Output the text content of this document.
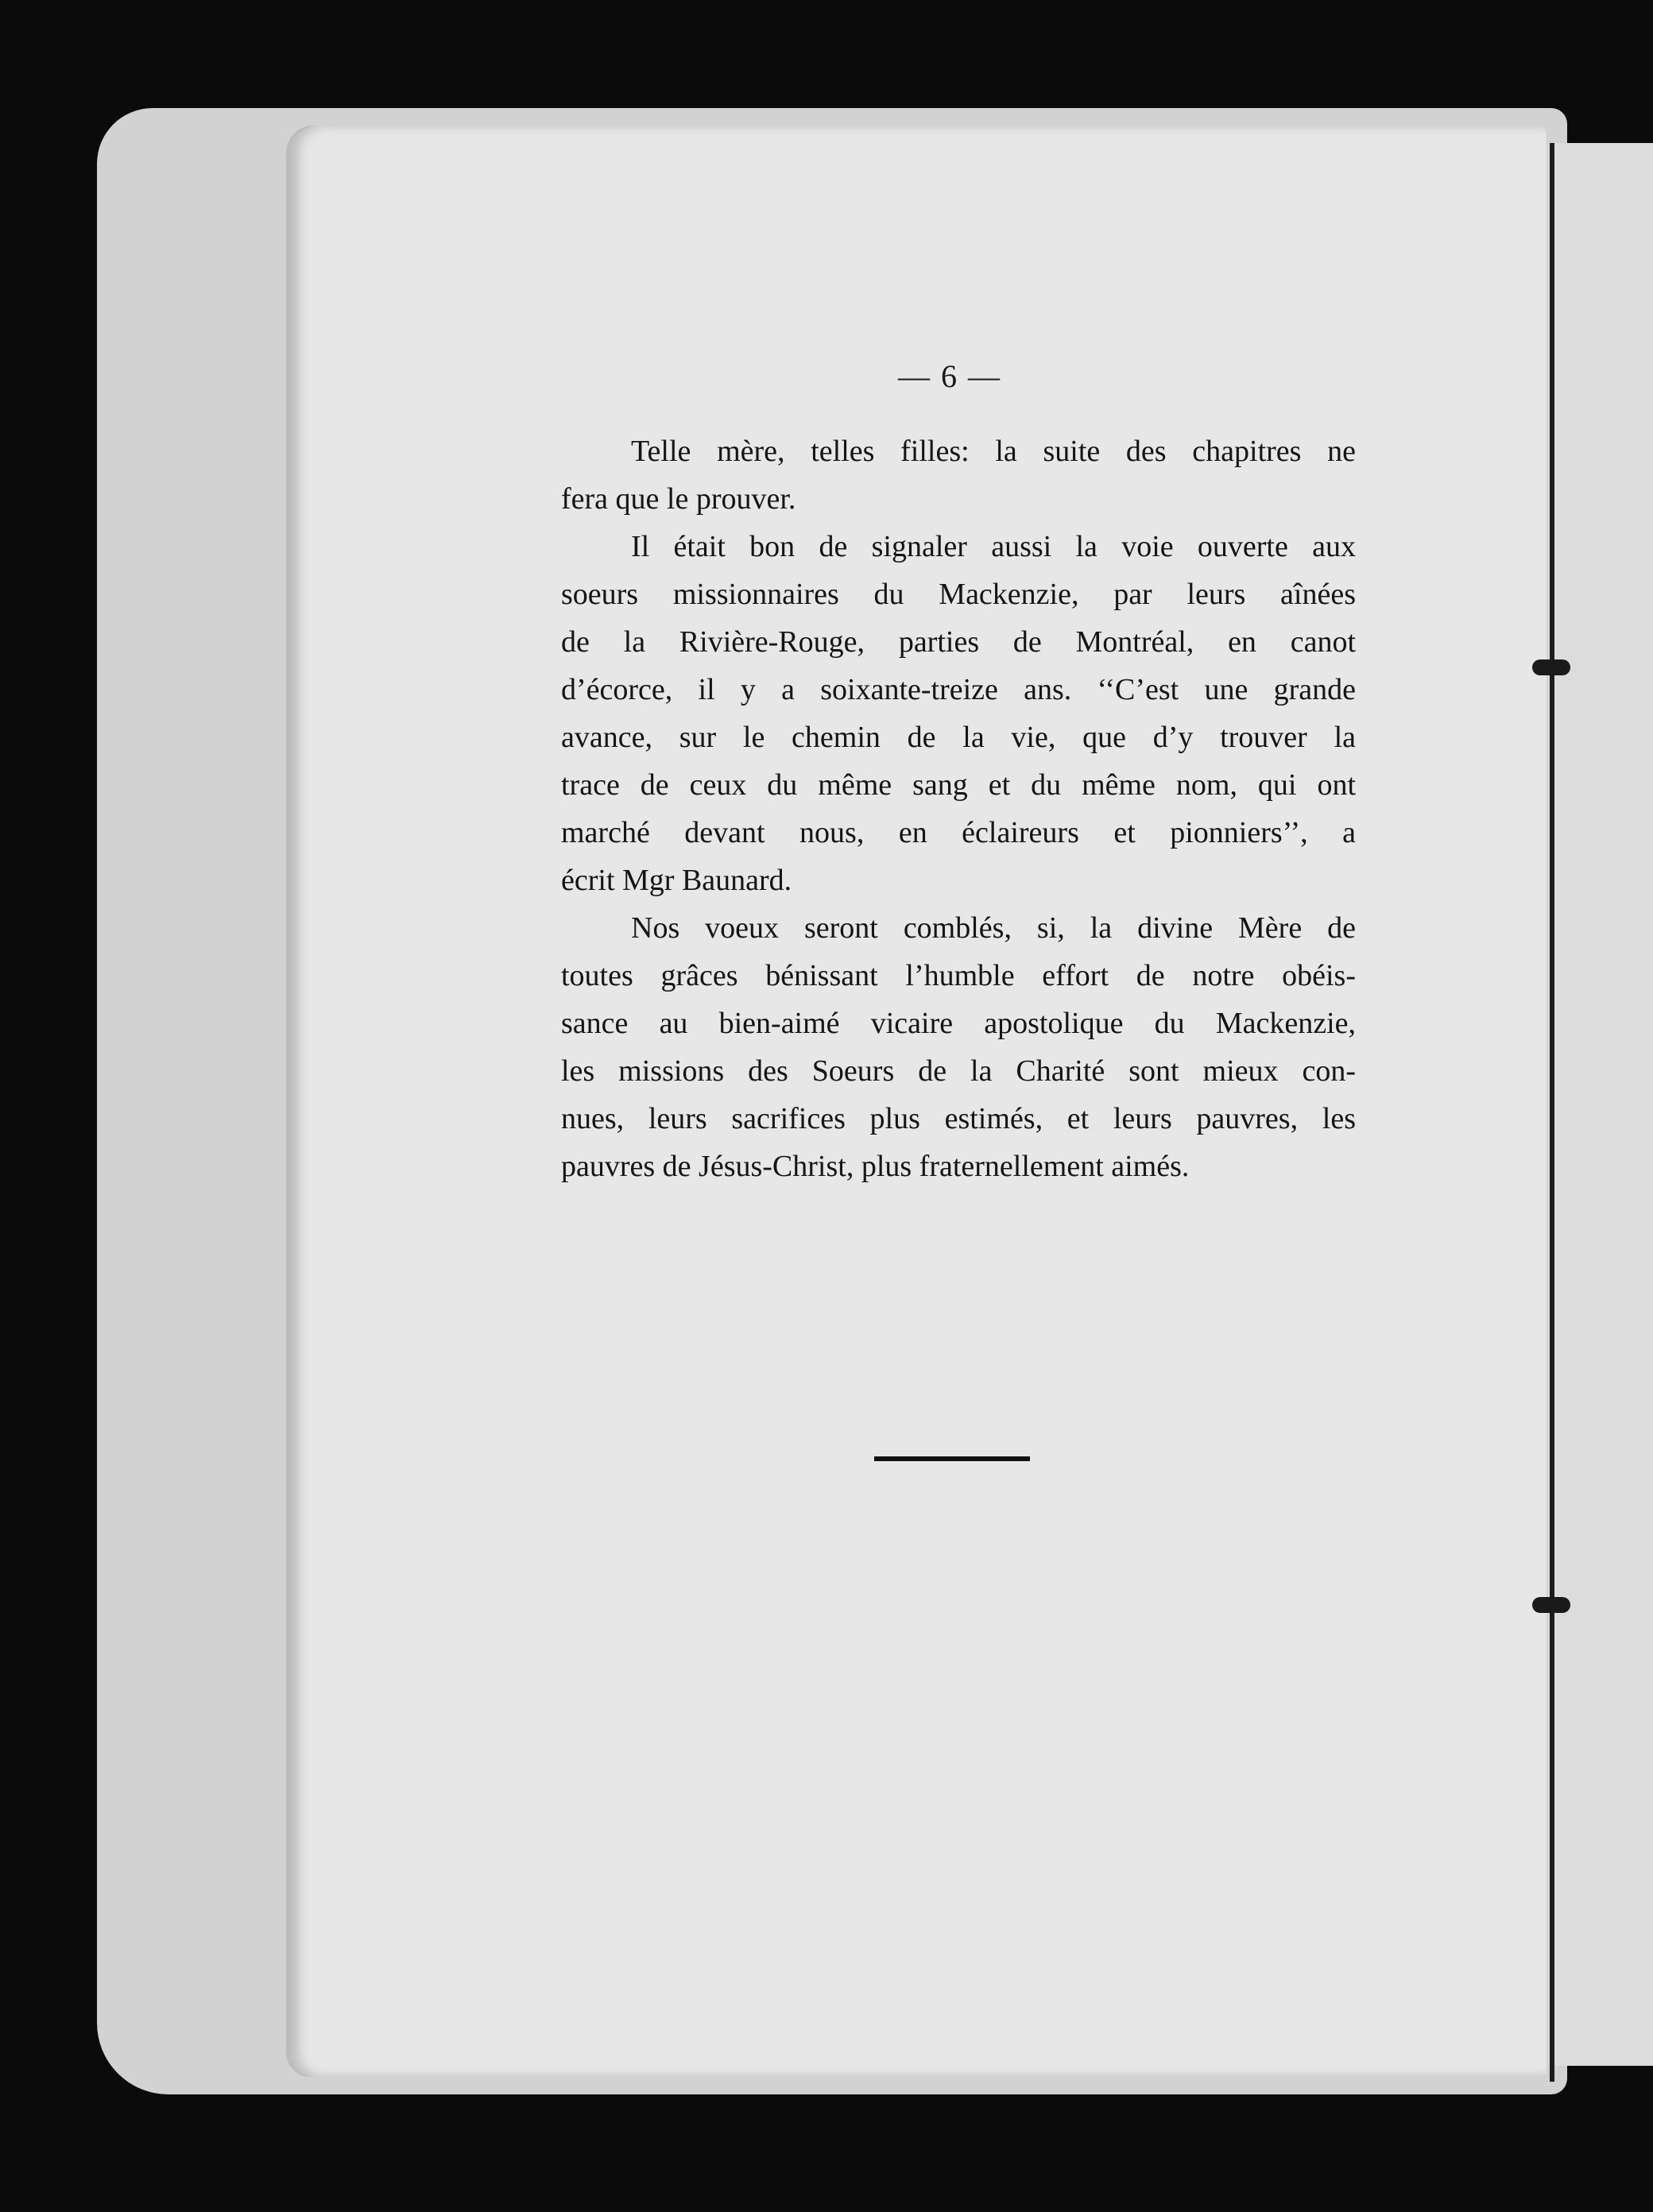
— 6 —
Telle mère, telles filles: la suite des chapitres ne
fera que le prouver.
Il était bon de signaler aussi la voie ouverte aux
soeurs missionnaires du Mackenzie, par leurs aînées
de la Rivière-Rouge, parties de Montréal, en canot
d’écorce, il y a soixante-treize ans. ‘‘C’est une grande
avance, sur le chemin de la vie, que d’y trouver la
trace de ceux du même sang et du même nom, qui ont
marché devant nous, en éclaireurs et pionniers’’, a
écrit Mgr Baunard.
Nos voeux seront comblés, si, la divine Mère de
toutes grâces bénissant l’humble effort de notre obéis-
sance au bien-aimé vicaire apostolique du Mackenzie,
les missions des Soeurs de la Charité sont mieux con-
nues, leurs sacrifices plus estimés, et leurs pauvres, les
pauvres de Jésus-Christ, plus fraternellement aimés.
